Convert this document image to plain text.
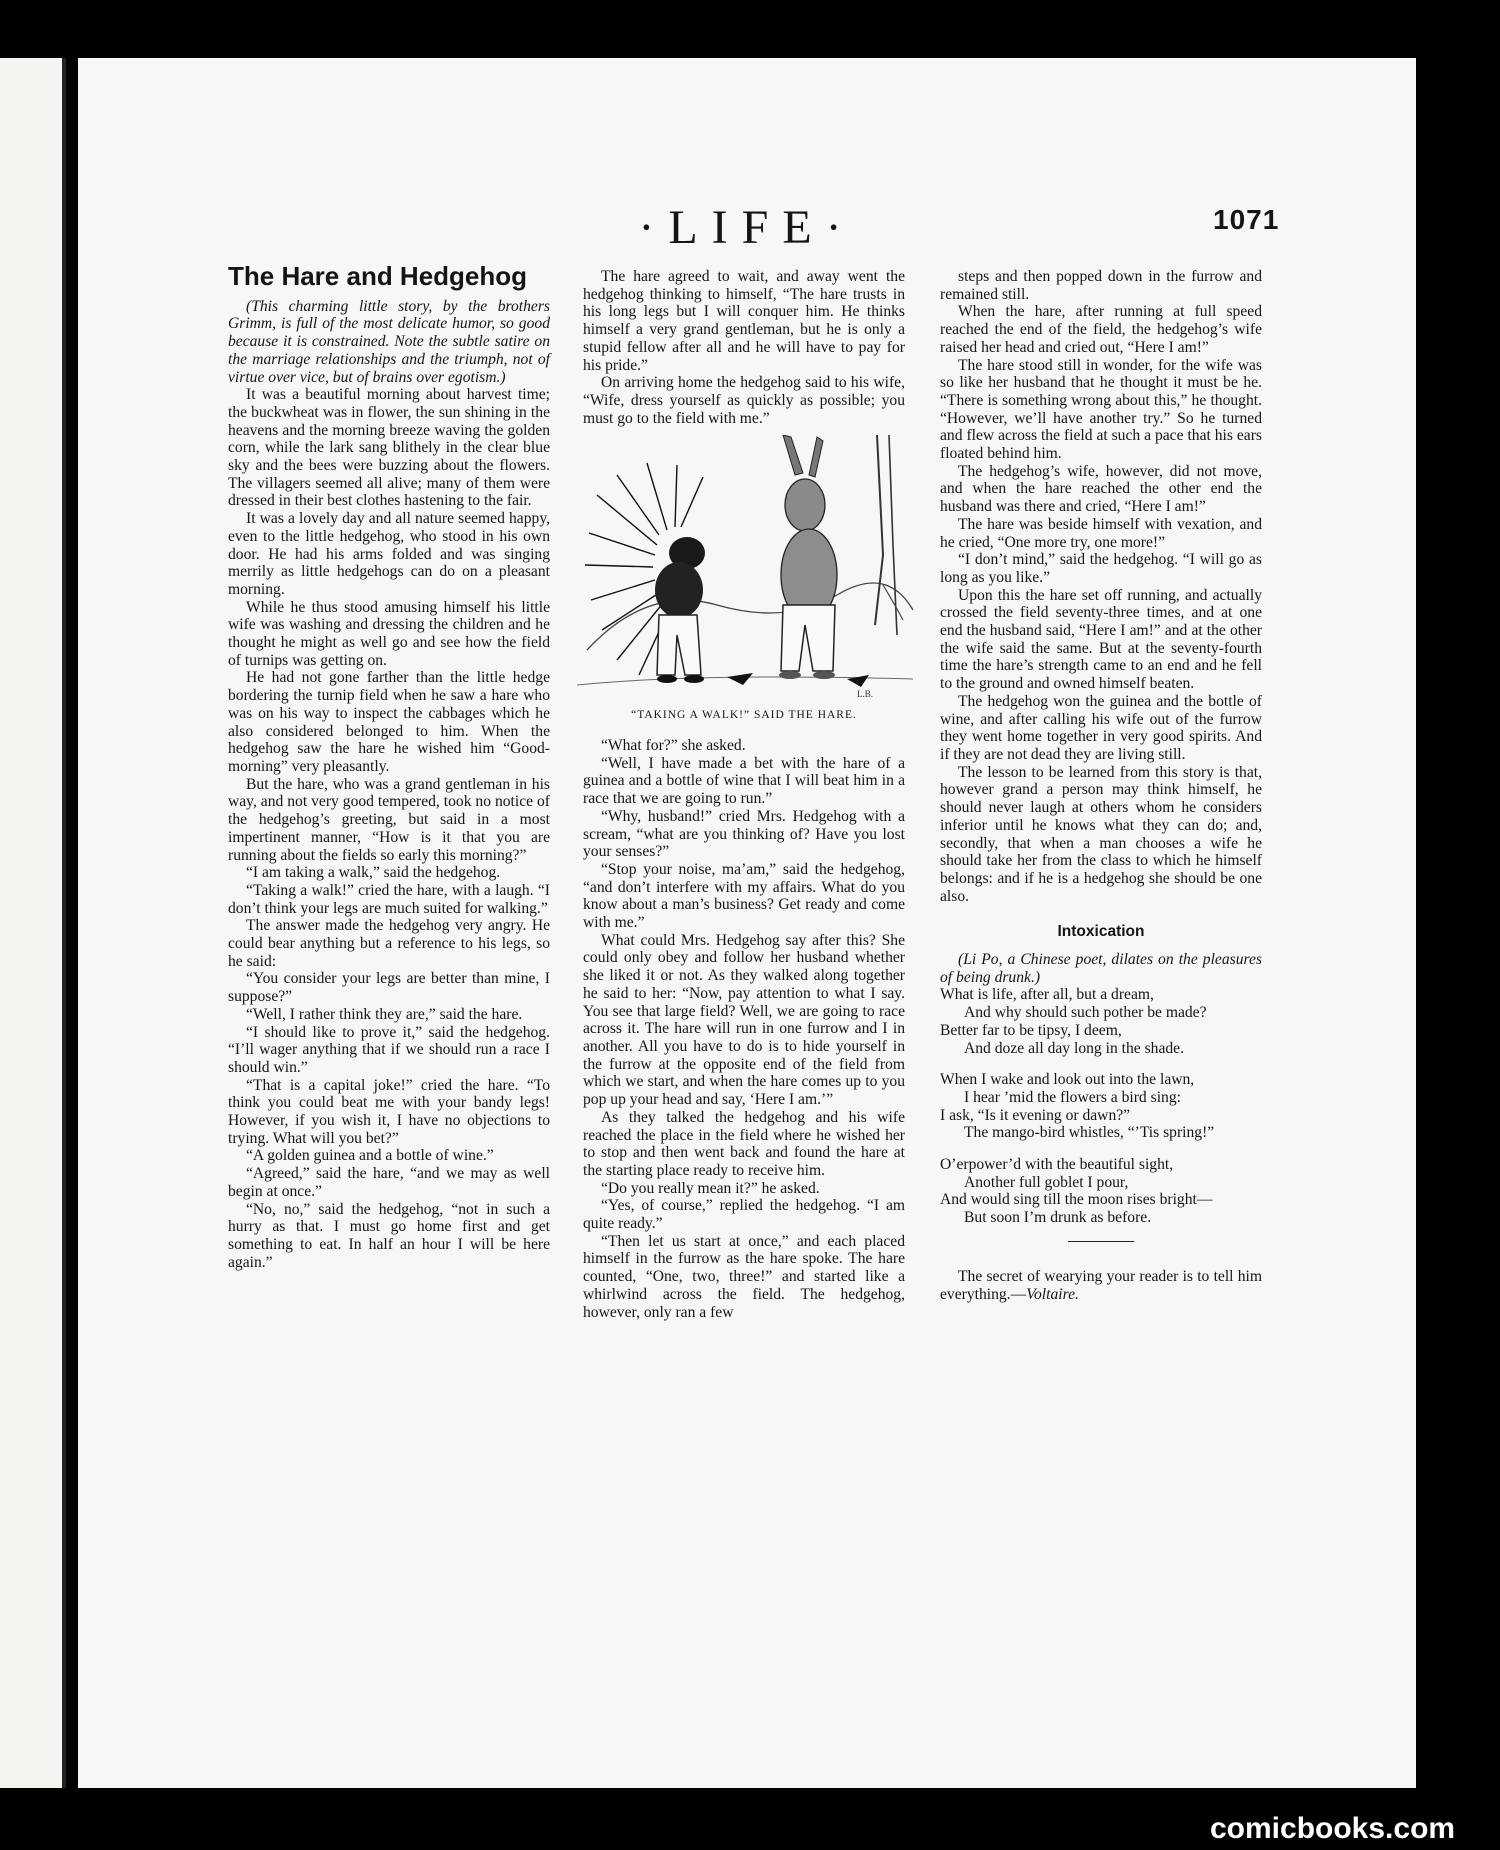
·LIFE·	1071
The Hare and Hedgehog

(This charming little story, by the brothers Grimm, is full of the most delicate humor, so good because it is constrained. Note the subtle satire on the marriage relationships and the triumph, not of virtue over vice, but of brains over egotism.)

It was a beautiful morning about harvest time; the buckwheat was in flower, the sun shining in the heavens and the morning breeze waving the golden corn, while the lark sang blithely in the clear blue sky and the bees were buzzing about the flowers. The villagers seemed all alive; many of them were dressed in their best clothes hastening to the fair.

It was a lovely day and all nature seemed happy, even to the little hedgehog, who stood in his own door. He had his arms folded and was singing merrily as little hedgehogs can do on a pleasant morning.

While he thus stood amusing himself his little wife was washing and dressing the children and he thought he might as well go and see how the field of turnips was getting on.

He had not gone farther than the little hedge bordering the turnip field when he saw a hare who was on his way to inspect the cabbages which he also considered belonged to him. When the hedgehog saw the hare he wished him “Good-morning” very pleasantly.

But the hare, who was a grand gentleman in his way, and not very good tempered, took no notice of the hedgehog’s greeting, but said in a most impertinent manner, “How is it that you are running about the fields so early this morning?”

“I am taking a walk,” said the hedgehog.

“Taking a walk!” cried the hare, with a laugh. “I don’t think your legs are much suited for walking.”

The answer made the hedgehog very angry. He could bear anything but a reference to his legs, so he said:

“You consider your legs are better than mine, I suppose?”

“Well, I rather think they are,” said the hare.

“I should like to prove it,” said the hedgehog. “I’ll wager anything that if we should run a race I should win.”

“That is a capital joke!” cried the hare. “To think you could beat me with your bandy legs! However, if you wish it, I have no objections to trying. What will you bet?”

“A golden guinea and a bottle of wine.”

“Agreed,” said the hare, “and we may as well begin at once.”

“No, no,” said the hedgehog, “not in such a hurry as that. I must go home first and get something to eat. In half an hour I will be here again.”

The hare agreed to wait, and away went the hedgehog thinking to himself, “The hare trusts in his long legs but I will conquer him. He thinks himself a very grand gentleman, but he is only a stupid fellow after all and he will have to pay for his pride.”

On arriving home the hedgehog said to his wife, “Wife, dress yourself as quickly as possible; you must go to the field with me.”

L.B.
“TAKING A WALK!” SAID THE HARE.

“What for?” she asked.

“Well, I have made a bet with the hare of a guinea and a bottle of wine that I will beat him in a race that we are going to run.”

“Why, husband!” cried Mrs. Hedgehog with a scream, “what are you thinking of? Have you lost your senses?”

“Stop your noise, ma’am,” said the hedgehog, “and don’t interfere with my affairs. What do you know about a man’s business? Get ready and come with me.”

What could Mrs. Hedgehog say after this? She could only obey and follow her husband whether she liked it or not. As they walked along together he said to her: “Now, pay attention to what I say. You see that large field? Well, we are going to race across it. The hare will run in one furrow and I in another. All you have to do is to hide yourself in the furrow at the opposite end of the field from which we start, and when the hare comes up to you pop up your head and say, ‘Here I am.’”

As they talked the hedgehog and his wife reached the place in the field where he wished her to stop and then went back and found the hare at the starting place ready to receive him.

“Do you really mean it?” he asked.

“Yes, of course,” replied the hedgehog. “I am quite ready.”

“Then let us start at once,” and each placed himself in the furrow as the hare spoke. The hare counted, “One, two, three!” and started like a whirlwind across the field. The hedgehog, however, only ran a few

steps and then popped down in the furrow and remained still.

When the hare, after running at full speed reached the end of the field, the hedgehog’s wife raised her head and cried out, “Here I am!”

The hare stood still in wonder, for the wife was so like her husband that he thought it must be he. “There is something wrong about this,” he thought. “However, we’ll have another try.” So he turned and flew across the field at such a pace that his ears floated behind him.

The hedgehog’s wife, however, did not move, and when the hare reached the other end the husband was there and cried, “Here I am!”

The hare was beside himself with vexation, and he cried, “One more try, one more!”

“I don’t mind,” said the hedgehog. “I will go as long as you like.”

Upon this the hare set off running, and actually crossed the field seventy-three times, and at one end the husband said, “Here I am!” and at the other the wife said the same. But at the seventy-fourth time the hare’s strength came to an end and he fell to the ground and owned himself beaten.

The hedgehog won the guinea and the bottle of wine, and after calling his wife out of the furrow they went home together in very good spirits. And if they are not dead they are living still.

The lesson to be learned from this story is that, however grand a person may think himself, he should never laugh at others whom he considers inferior until he knows what they can do; and, secondly, that when a man chooses a wife he should take her from the class to which he himself belongs: and if he is a hedgehog she should be one also.

Intoxication

(Li Po, a Chinese poet, dilates on the pleasures of being drunk.)

What is life, after all, but a dream,
And why should such pother be made?
Better far to be tipsy, I deem,
And doze all day long in the shade.
When I wake and look out into the lawn,
I hear ’mid the flowers a bird sing:
I ask, “Is it evening or dawn?”
The mango-bird whistles, “’Tis spring!”
O’erpower’d with the beautiful sight,
Another full goblet I pour,
And would sing till the moon rises bright—
But soon I’m drunk as before.

The secret of wearying your reader is to tell him everything.—Voltaire.

comicbooks.com
